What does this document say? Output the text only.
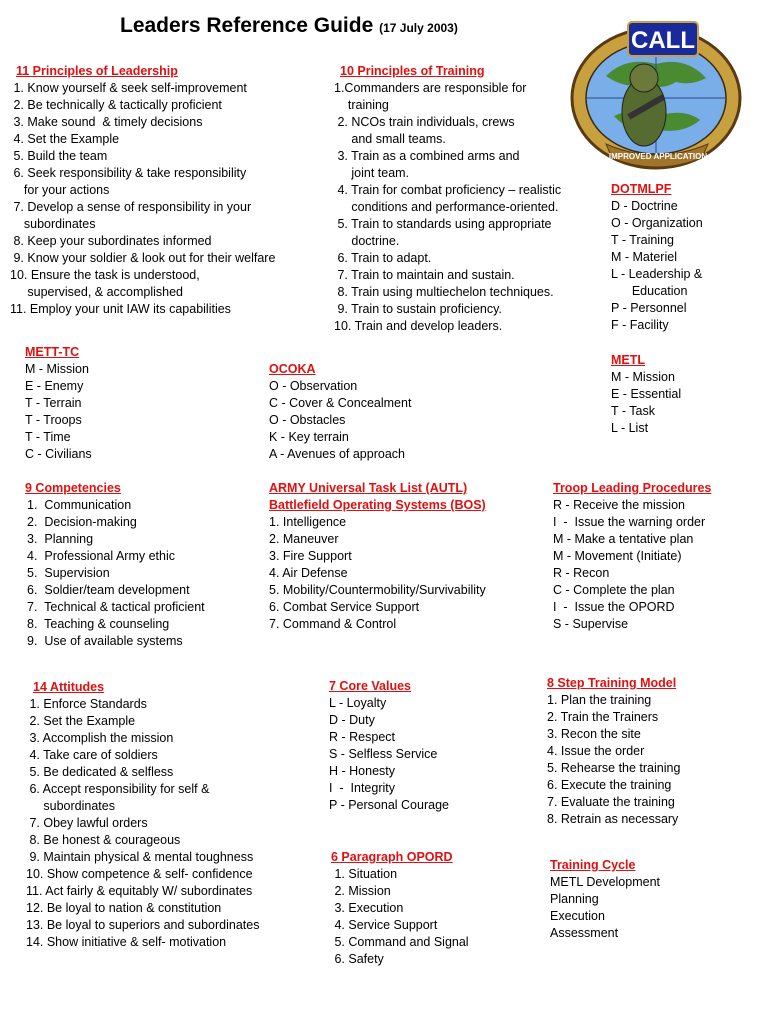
Leaders Reference Guide (17 July 2003)	CALL
IMPROVED APPLICATION
11 Principles of Leadership
1. Know yourself & seek self-improvement
2. Be technically & tactically proficient
3. Make sound  & timely decisions
4. Set the Example
5. Build the team
6. Seek responsibility & take responsibility
for your actions
7. Develop a sense of responsibility in your
subordinates
8. Keep your subordinates informed
9. Know your soldier & look out for their welfare
10. Ensure the task is understood,
supervised, & accomplished
11. Employ your unit IAW its capabilities
10 Principles of Training
1.Commanders are responsible for
training
2. NCOs train individuals, crews
and small teams.
3. Train as a combined arms and
joint team.
4. Train for combat proficiency – realistic
conditions and performance-oriented.
5. Train to standards using appropriate
doctrine.
6. Train to adapt.
7. Train to maintain and sustain.
8. Train using multiechelon techniques.
9. Train to sustain proficiency.
10. Train and develop leaders.
DOTMLPF
D - Doctrine
O - Organization
T - Training
M - Materiel
L - Leadership &
Education
P - Personnel
F - Facility
METT-TC
M - Mission
E - Enemy
T - Terrain
T - Troops
T - Time
C - Civilians
OCOKA
O - Observation
C - Cover & Concealment
O - Obstacles
K - Key terrain
A - Avenues of approach
METL
M - Mission
E - Essential
T - Task
L - List
9 Competencies
1.  Communication
2.  Decision-making
3.  Planning
4.  Professional Army ethic
5.  Supervision
6.  Soldier/team development
7.  Technical & tactical proficient
8.  Teaching & counseling
9.  Use of available systems
ARMY Universal Task List (AUTL)
Battlefield Operating Systems (BOS)
1. Intelligence
2. Maneuver
3. Fire Support
4. Air Defense
5. Mobility/Countermobility/Survivability
6. Combat Service Support
7. Command & Control
Troop Leading Procedures
R - Receive the mission
I  -  Issue the warning order
M - Make a tentative plan
M - Movement (Initiate)
R - Recon
C - Complete the plan
I  -  Issue the OPORD
S - Supervise
14 Attitudes
1. Enforce Standards
2. Set the Example
3. Accomplish the mission
4. Take care of soldiers
5. Be dedicated & selfless
6. Accept responsibility for self &
subordinates
7. Obey lawful orders
8. Be honest & courageous
9. Maintain physical & mental toughness
10. Show competence & self- confidence
11. Act fairly & equitably W/ subordinates
12. Be loyal to nation & constitution
13. Be loyal to superiors and subordinates
14. Show initiative & self- motivation
7 Core Values
L - Loyalty
D - Duty
R - Respect
S - Selfless Service
H - Honesty
I  -  Integrity
P - Personal Courage
8 Step Training Model
1. Plan the training
2. Train the Trainers
3. Recon the site
4. Issue the order
5. Rehearse the training
6. Execute the training
7. Evaluate the training
8. Retrain as necessary
6 Paragraph OPORD
1. Situation
2. Mission
3. Execution
4. Service Support
5. Command and Signal
6. Safety
Training Cycle
METL Development
Planning
Execution
Assessment
